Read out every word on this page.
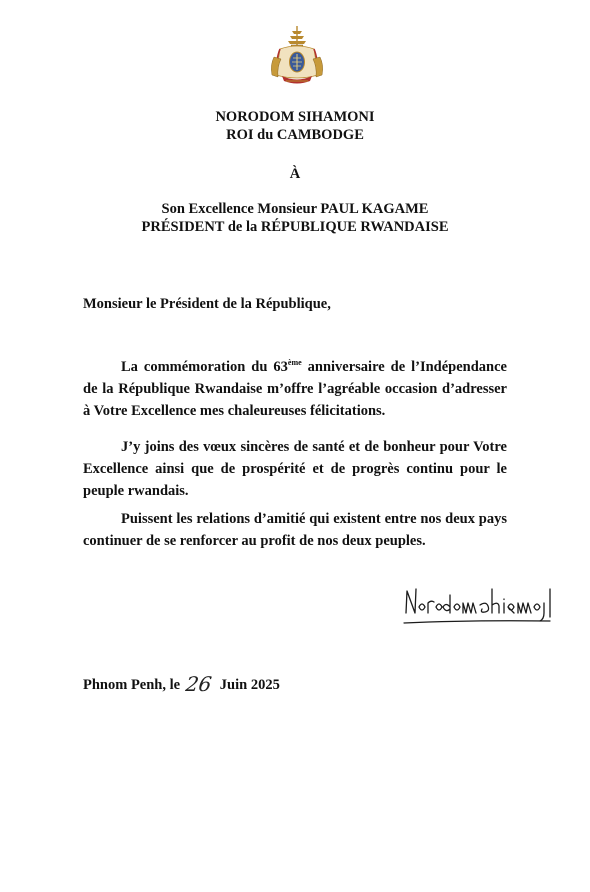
NORODOM SIHAMONI
ROI du CAMBODGE
À
Son Excellence Monsieur PAUL KAGAME
PRÉSIDENT de la RÉPUBLIQUE RWANDAISE
Monsieur le Président de la République,

La commémoration du 63ème anniversaire de l’Indépendance de la République Rwandaise m’offre l’agréable occasion d’adresser à Votre Excellence mes chaleureuses félicitations.

J’y joins des vœux sincères de santé et de bonheur pour Votre Excellence ainsi que de prospérité et de progrès continu pour le peuple rwandais.

Puissent les relations d’amitié qui existent entre nos deux pays continuer de se renforcer au profit de nos deux peuples.

Phnom Penh, le 26 Juin 2025
